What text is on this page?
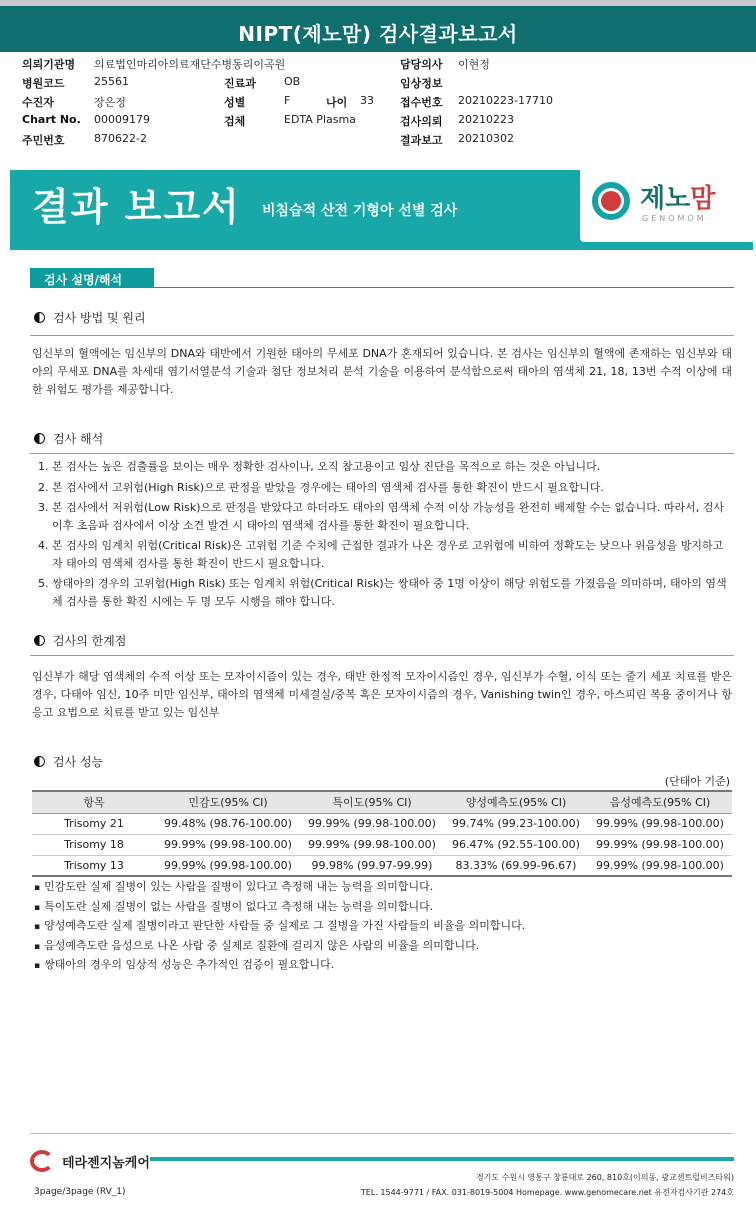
NIPT(제노맘) 검사결과보고서
의뢰기관명 의료법인마리아의료재단수병동리이곡원	담당의사 이현정
병원코드	25561	진료과	OB	임상정보
수진자	장은정	성별	F	나이 33 접수번호 20210223-17710
Chart No. 00009179	검체	EDTA Plasma	검사의뢰 20210223
주민번호	870622-2	결과보고 20210302
결과 보고서 비침습적 산전 기형아 선별 검사	제노맘
GENOMOM
검사 설명/해석
검사 방법 및 원리
임신부의 혈액에는 임신부의 DNA와 태반에서 기원한 태아의 무세포 DNA가 혼재되어 있습니다. 본 검사는 임신부의 혈액에 존재하는 임신부와 태아의 무세포 DNA를 차세대 염기서열분석 기술과 첨단 정보처리 분석 기술을 이용하여 분석함으로써 태아의 염색체 21, 18, 13번 수적 이상에 대한 위험도 평가를 제공합니다.
검사 해석
1. 본 검사는 높은 검출률을 보이는 매우 정확한 검사이나, 오직 참고용이고 임상 진단을 목적으로 하는 것은 아닙니다.
2. 본 검사에서 고위험(High Risk)으로 판정을 받았을 경우에는 태아의 염색체 검사를 통한 확진이 반드시 필요합니다.
3. 본 검사에서 저위험(Low Risk)으로 판정을 받았다고 하더라도 태아의 염색체 수적 이상 가능성을 완전히 배제할 수는 없습니다. 따라서, 검사 이후 초음파 검사에서 이상 소견 발견 시 태아의 염색체 검사를 통한 확진이 필요합니다.
4. 본 검사의 임계치 위험(Critical Risk)은 고위험 기준 수치에 근접한 결과가 나온 경우로 고위험에 비하여 정확도는 낮으나 위음성을 방지하고자 태아의 염색체 검사를 통한 확진이 반드시 필요합니다.
5. 쌍태아의 경우의 고위험(High Risk) 또는 임계치 위험(Critical Risk)는 쌍태아 중 1명 이상이 해당 위험도를 가졌음을 의미하며, 태아의 염색체 검사를 통한 확진 시에는 두 명 모두 시행을 해야 합니다.
검사의 한계점
임신부가 해당 염색체의 수적 이상 또는 모자이시즘이 있는 경우, 태반 한정적 모자이시즘인 경우, 임신부가 수혈, 이식 또는 줄기 세포 치료를 받은 경우, 다태아 임신, 10주 미만 임신부, 태아의 염색체 미세결실/중복 혹은 모자이시즘의 경우, Vanishing twin인 경우, 아스피린 복용 중이거나 항 응고 요법으로 치료를 받고 있는 임신부
검사 성능
(단태아 기준)
항목	민감도(95% CI)	특이도(95% CI)	양성예측도(95% CI)	음성예측도(95% CI)
Trisomy 21	99.48% (98.76-100.00)	99.99% (99.98-100.00)	99.74% (99.23-100.00)	99.99% (99.98-100.00)
Trisomy 18	99.99% (99.98-100.00)	99.99% (99.98-100.00)	96.47% (92.55-100.00)	99.99% (99.98-100.00)
Trisomy 13	99.99% (99.98-100.00)	99.98% (99.97-99.99)	83.33% (69.99-96.67)	99.99% (99.98-100.00)
▪ 민감도란 실제 질병이 있는 사람을 질병이 있다고 측정해 내는 능력을 의미합니다.
▪ 특이도란 실제 질병이 없는 사람을 질병이 없다고 측정해 내는 능력을 의미합니다.
▪ 양성예측도란 실제 질병이라고 판단한 사람들 중 실제로 그 질병을 가진 사람들의 비율을 의미합니다.
▪ 음성예측도란 음성으로 나온 사람 중 실제로 질환에 걸리지 않은 사람의 비율을 의미합니다.
▪ 쌍태아의 경우의 임상적 성능은 추가적인 검증이 필요합니다.
테라젠지놈케어
경기도 수원시 영통구 창룡대로 260, 810호(이의동, 광교센트럴비즈타워)
TEL. 1544-9771 / FAX. 031-8019-5004 Homepage. www.genomecare.net 유전자검사기관 274호
3page/3page (RV_1)
